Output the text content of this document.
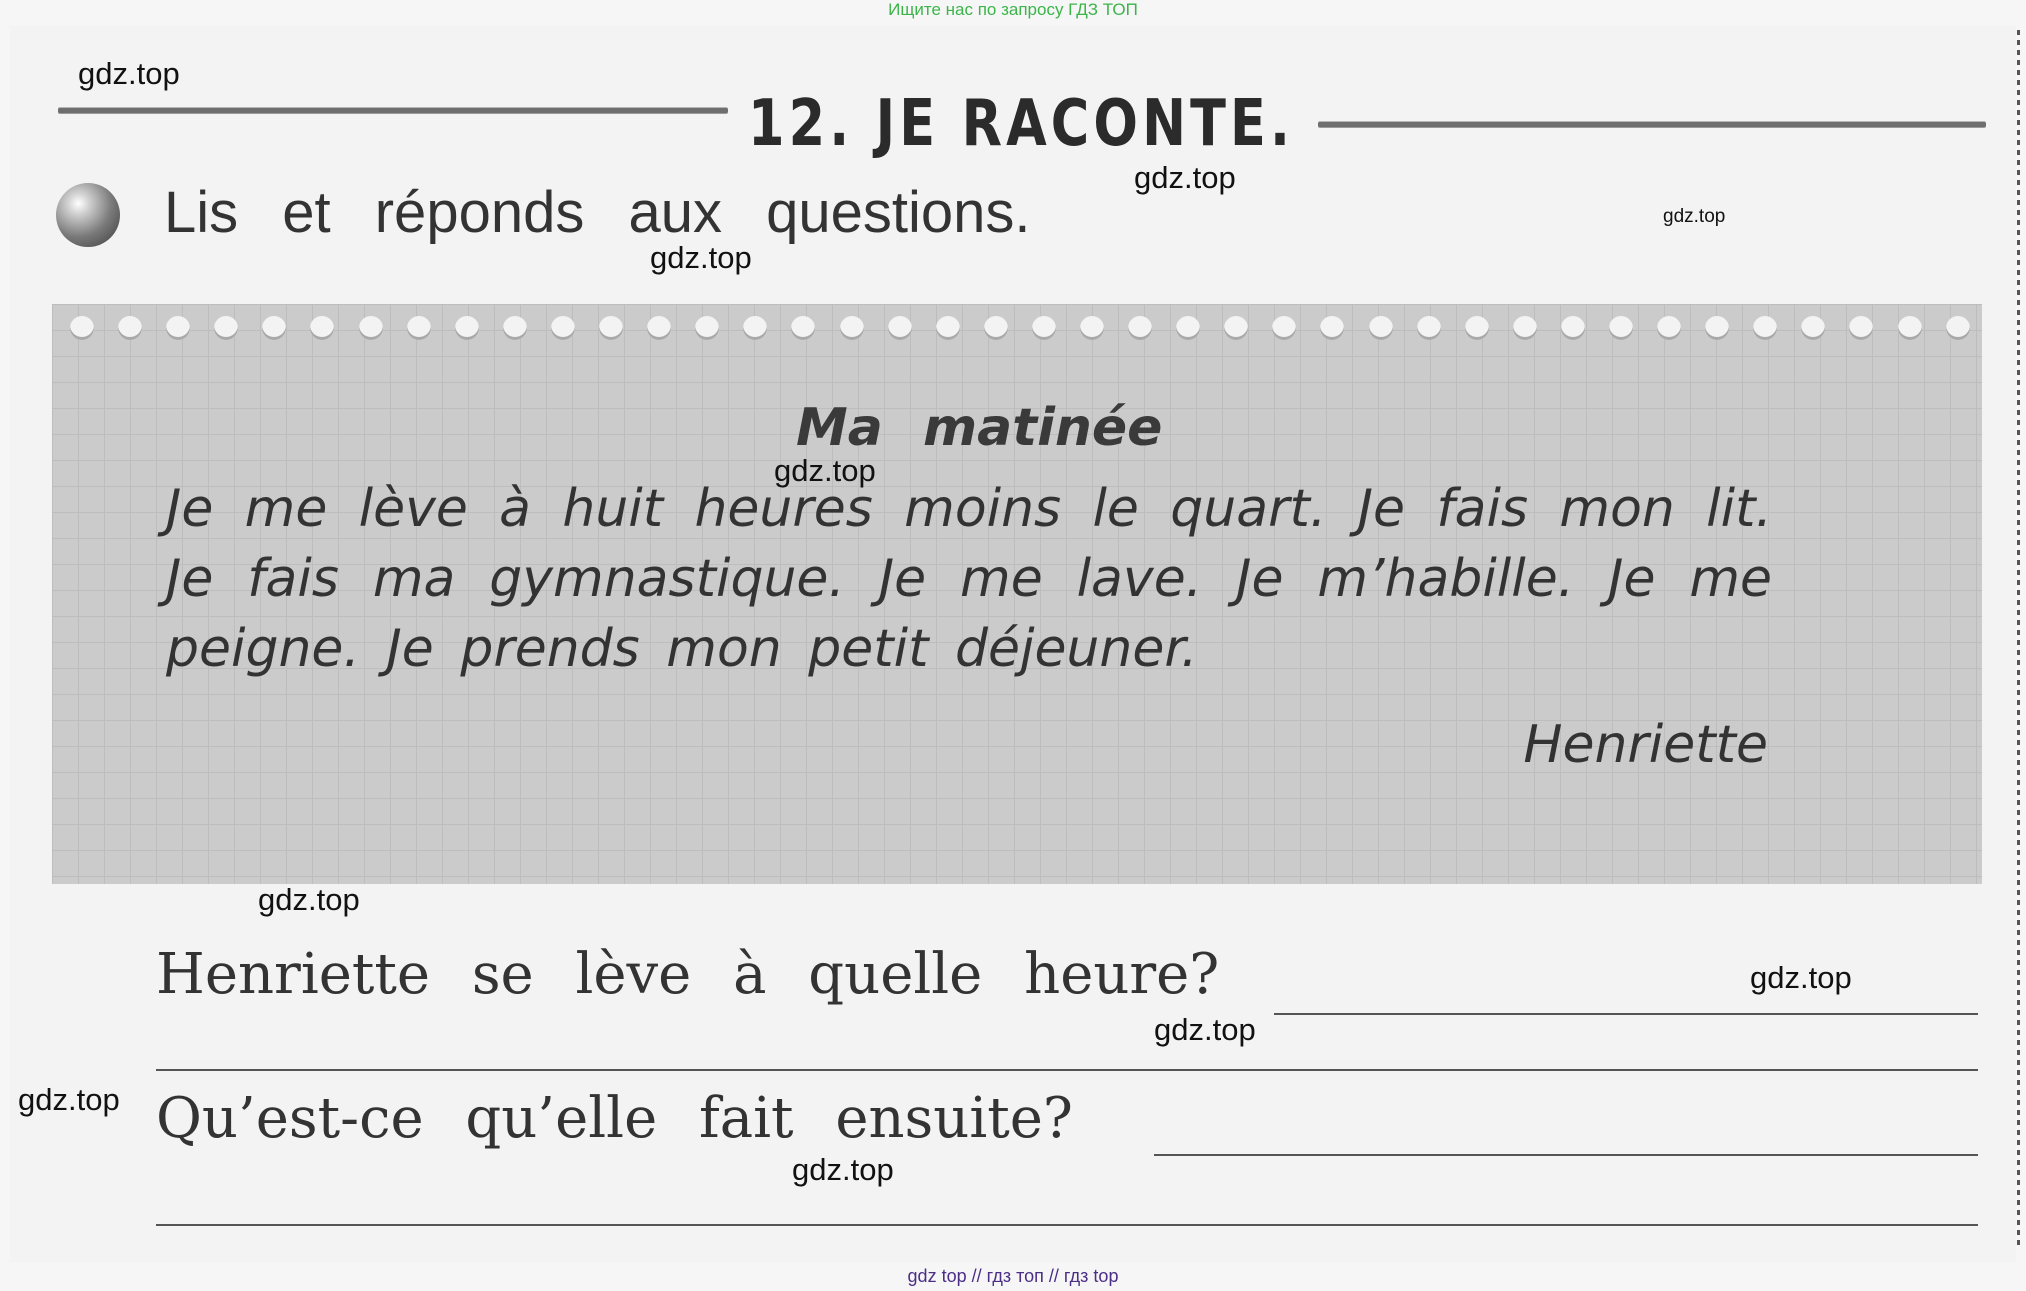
Ищите нас по запросу ГДЗ ТОП
12. JE RACONTE.
Lis et réponds aux questions.
Ma matinée
Je me lève à huit heures moins le quart. Je fais mon lit. Je fais ma gymnastique. Je me lave. Je m’habille. Je me peigne. Je prends mon petit déjeuner.
Henriette
Henriette se lève à quelle heure?
Qu’est-ce qu’elle fait ensuite?
gdz.top
gdz.top
gdz.top
gdz.top
gdz.top
gdz.top
gdz.top
gdz.top
gdz.top
gdz.top
gdz top // гдз топ // гдз top
